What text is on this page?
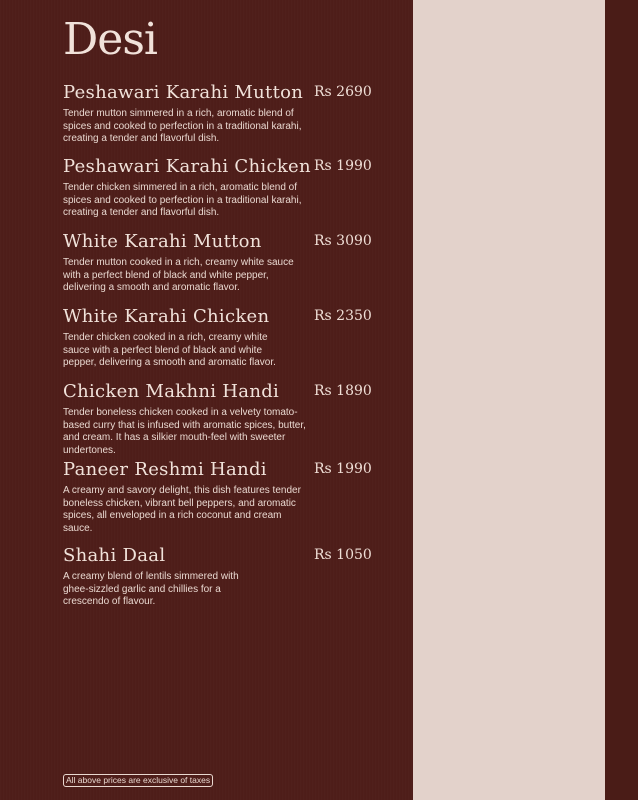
Desi
Peshawari Karahi Mutton Rs 2690

Tender mutton simmered in a rich, aromatic blend of spices and cooked to perfection in a traditional karahi, creating a tender and flavorful dish.

Peshawari Karahi Chicken Rs 1990

Tender chicken simmered in a rich, aromatic blend of spices and cooked to perfection in a traditional karahi, creating a tender and flavorful dish.

White Karahi Mutton	Rs 3090

Tender mutton cooked in a rich, creamy white sauce with a perfect blend of black and white pepper, delivering a smooth and aromatic flavor.

White Karahi Chicken	Rs 2350

Tender chicken cooked in a rich, creamy white sauce with a perfect blend of black and white pepper, delivering a smooth and aromatic flavor.

Chicken Makhni Handi Rs 1890

Tender boneless chicken cooked in a velvety tomato-based curry that is infused with aromatic spices, butter, and cream. It has a silkier mouth-feel with sweeter undertones.

Paneer Reshmi Handi	Rs 1990

A creamy and savory delight, this dish features tender boneless chicken, vibrant bell peppers, and aromatic spices, all enveloped in a rich coconut and cream sauce.

Shahi Daal	Rs 1050

A creamy blend of lentils simmered with ghee-sizzled garlic and chillies for a crescendo of flavour.

All above prices are exclusive of taxes
